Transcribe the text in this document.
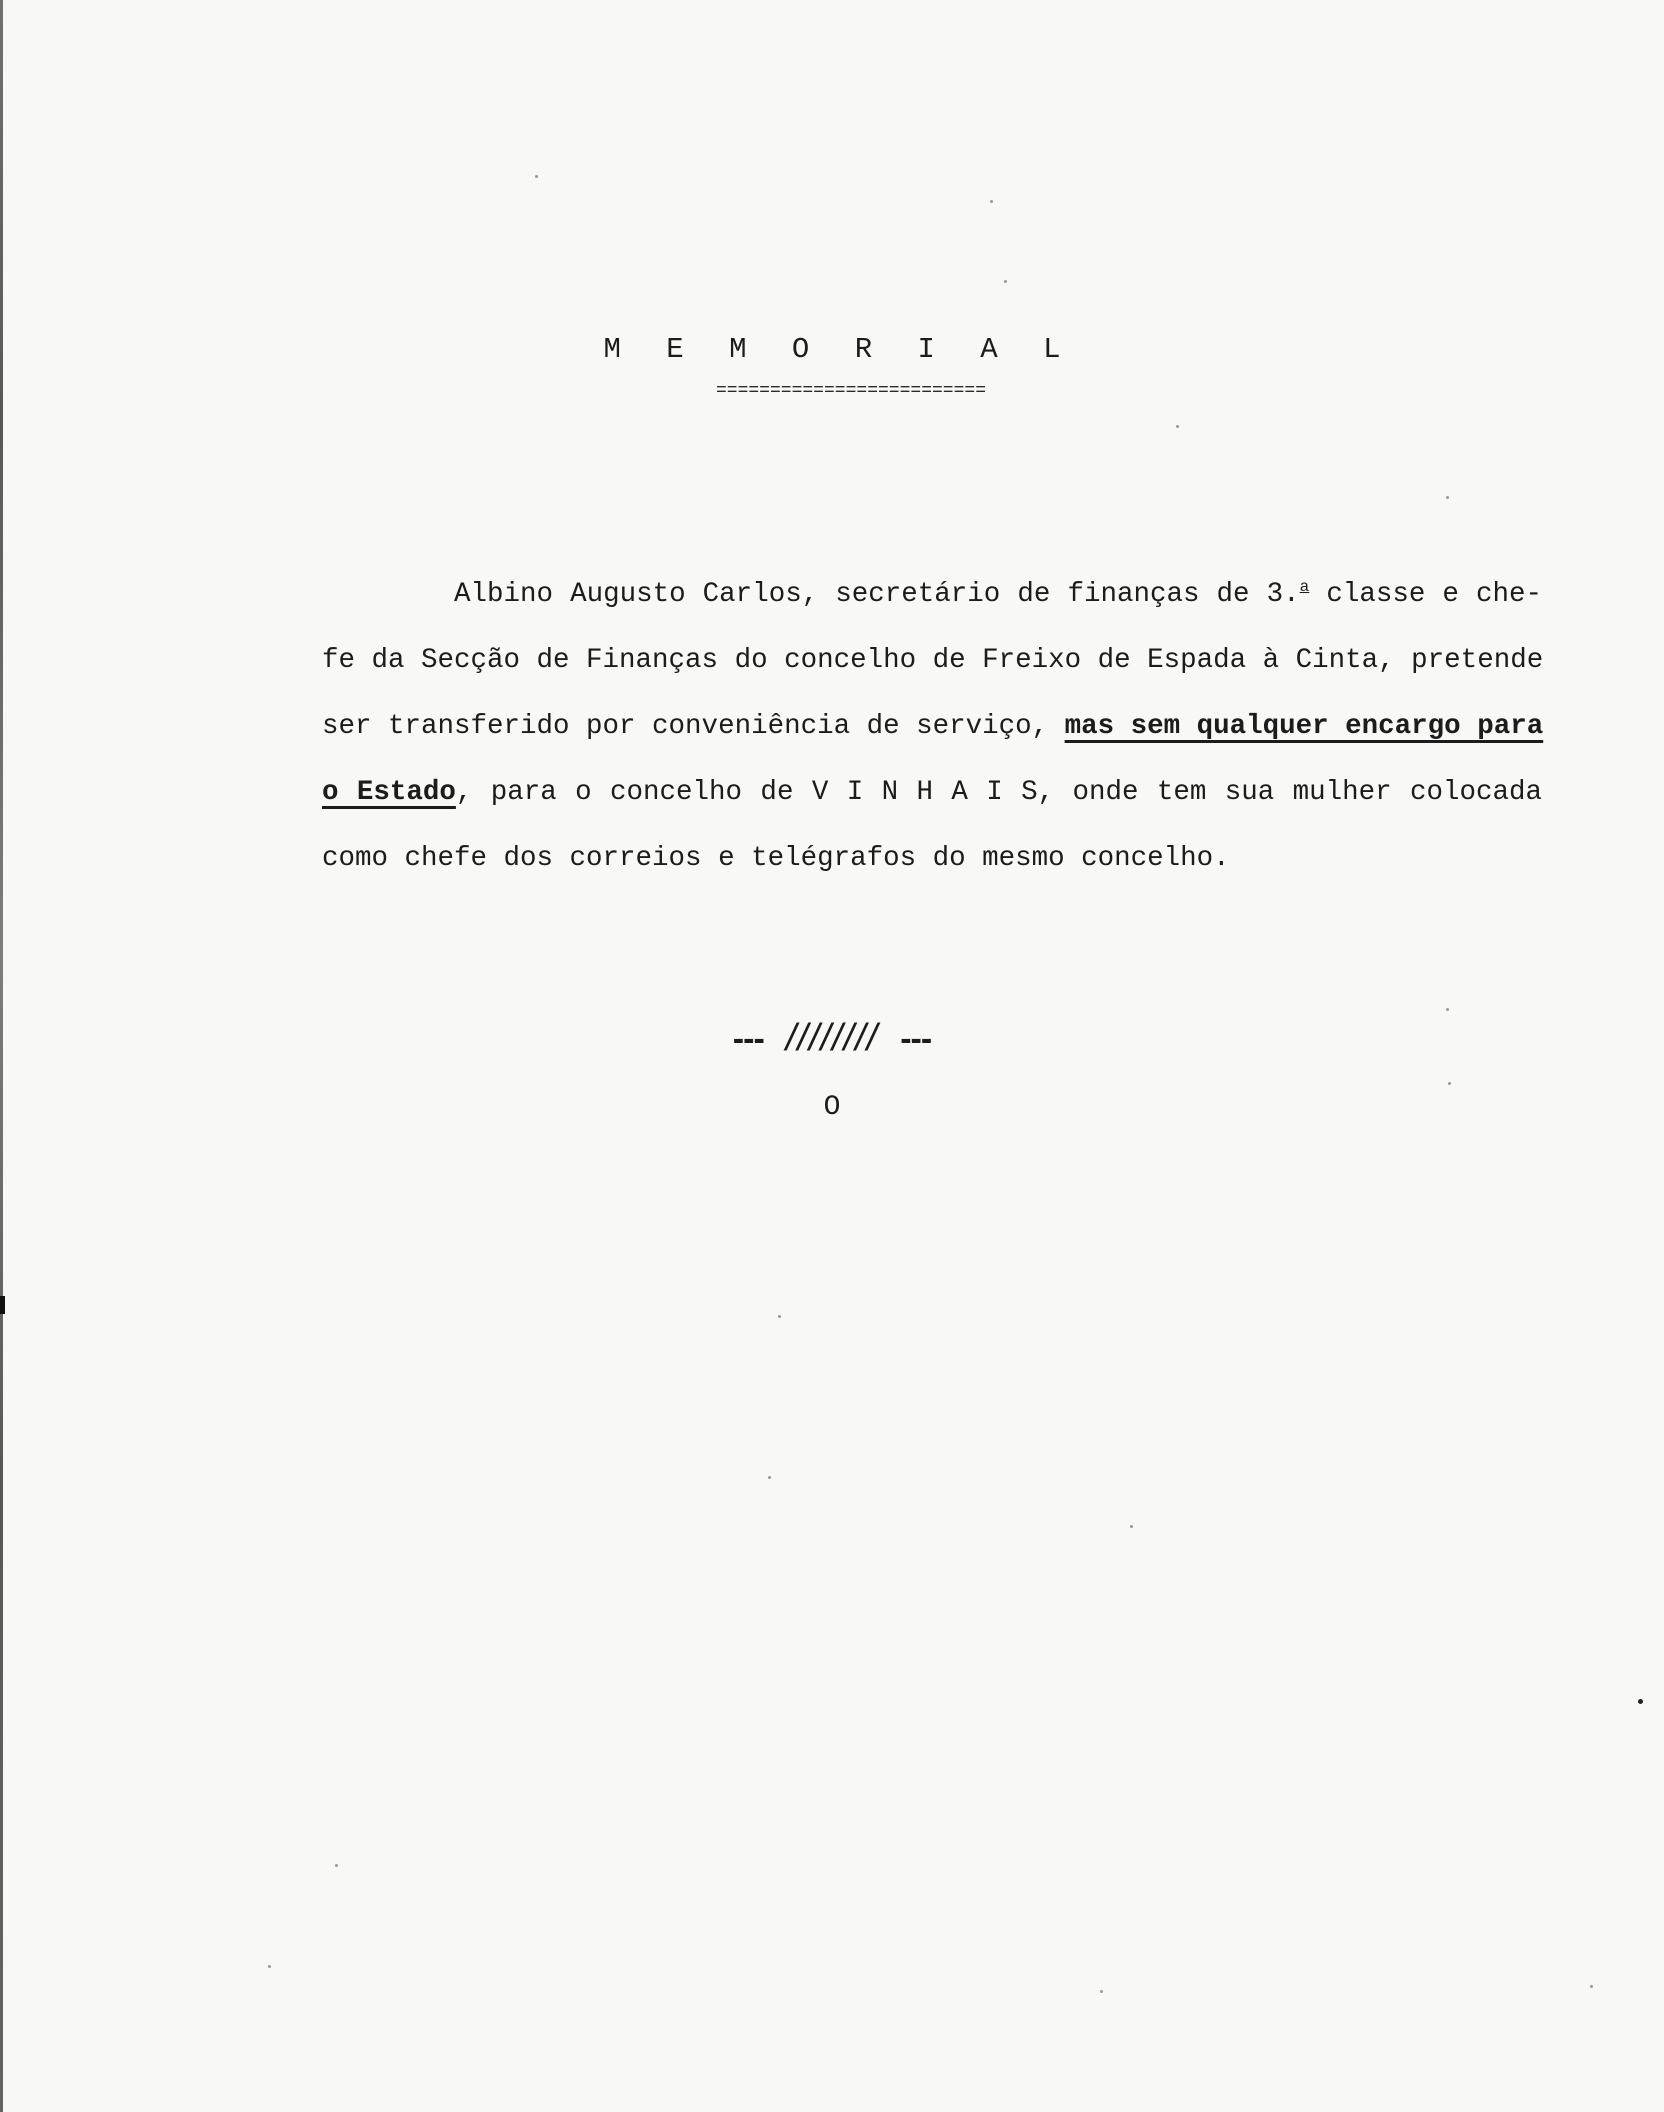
M E M O R I A L
=========================
Albino Augusto Carlos, secretário de finanças de 3.$^a$ classe e che-
fe da Secção de Finanças do concelho de Freixo de Espada à Cinta, pretende
ser transferido por conveniência de serviço, mas sem qualquer encargo para
o Estado, para o concelho de V I N H A I S, onde tem sua mulher colocada
como chefe dos correios e telégrafos do mesmo concelho.
--- //////// ---
O
